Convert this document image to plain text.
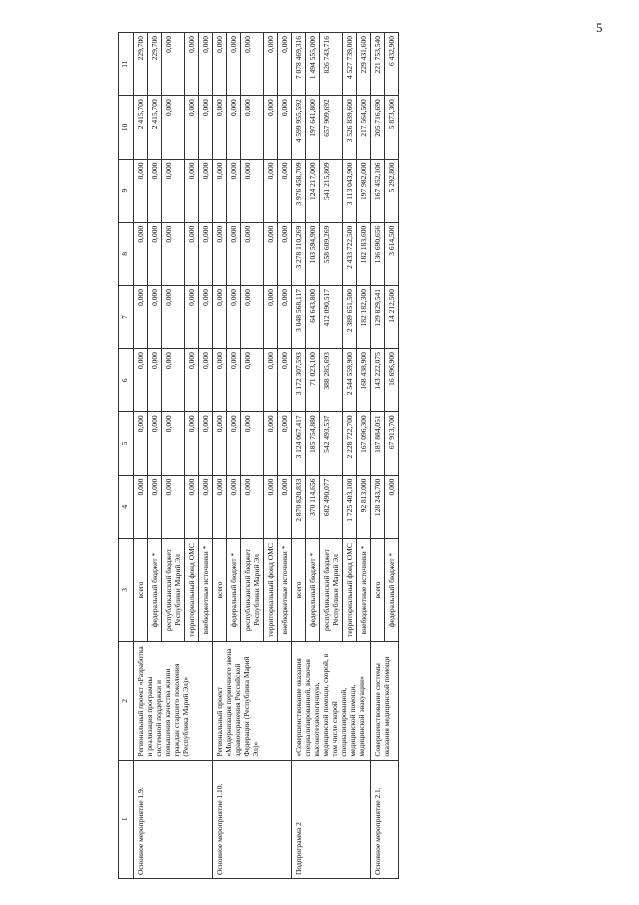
5
1	2	3	4	5	6	7	8	9	10	11
Основное мероприятие 1.9.	Региональный проект «Разработка и реализация программы системной поддержки и повышения качества жизни граждан старшего поколения (Республика Марий Эл)»	всего	0,000	0,000	0,000	0,000	0,000	0,000	2 415,700	229,700
		федеральный бюджет *	0,000	0,000	0,000	0,000	0,000	0,000	2 415,700	229,700
		республиканский бюджет Республики Марий Эл	0,000	0,000	0,000	0,000	0,000	0,000	0,000	0,000
		территориальный фонд ОМС	0,000	0,000	0,000	0,000	0,000	0,000	0,000	0,000
		внебюджетные источники *	0,000	0,000	0,000	0,000	0,000	0,000	0,000	0,000
Основное мероприятие 1.10.	Региональный проект «Модернизация первичного звена здравоохранения Российской Федерации (Республика Марий Эл)»	всего	0,000	0,000	0,000	0,000	0,000	0,000	0,000	0,000
		федеральный бюджет *	0,000	0,000	0,000	0,000	0,000	0,000	0,000	0,000
		республиканский бюджет Республики Марий Эл	0,000	0,000	0,000	0,000	0,000	0,000	0,000	0,000
		территориальный фонд ОМС	0,000	0,000	0,000	0,000	0,000	0,000	0,000	0,000
		внебюджетные источники *	0,000	0,000	0,000	0,000	0,000	0,000	0,000	0,000
Подпрограмма 2	«Совершенствование оказания специализированной, включая высокотехнологичную, медицинской помощи, скорой, в том числе скорой специализированной, медицинской помощи, медицинской эвакуации»	всего	2 870 820,833	3 124 067,417	3 172 307,593	3 048 568,117	3 278 110,269	3 976 458,709	4 599 955,592	7 078 469,316
		федеральный бюджет *	370 114,656	185 754,880	71 023,100	64 643,800	103 594,900	124 217,000	197 641,800	1 494 555,000
		республиканский бюджет Республики Марий Эл	682 490,077	542 493,537	388 285,693	412 090,517	558 609,269	541 215,809	657 909,692	826 743,716
		территориальный фонд ОМС	1 725 403,100	2 228 722,700	2 544 559,900	2 389 651,500	2 433 722,500	3 113 043,900	3 526 839,600	4 527 739,000
		внебюджетные источники *	92 813,000	167 096,300	168 438,900	182 182,300	182 183,600	197 982,000	217 564,500	229 431,600
Основное мероприятие 2.1.	Совершенствование системы оказания медицинской помощи	всего	128 243,700	187 884,051	143 222,075	129 829,541	136 690,656	167 452,106	205 716,690	221 753,540
		федеральный бюджет *	0,000	67 913,700	16 696,900	14 212,500	3 614,500	5 292,800	5 873,300	6 432,900
